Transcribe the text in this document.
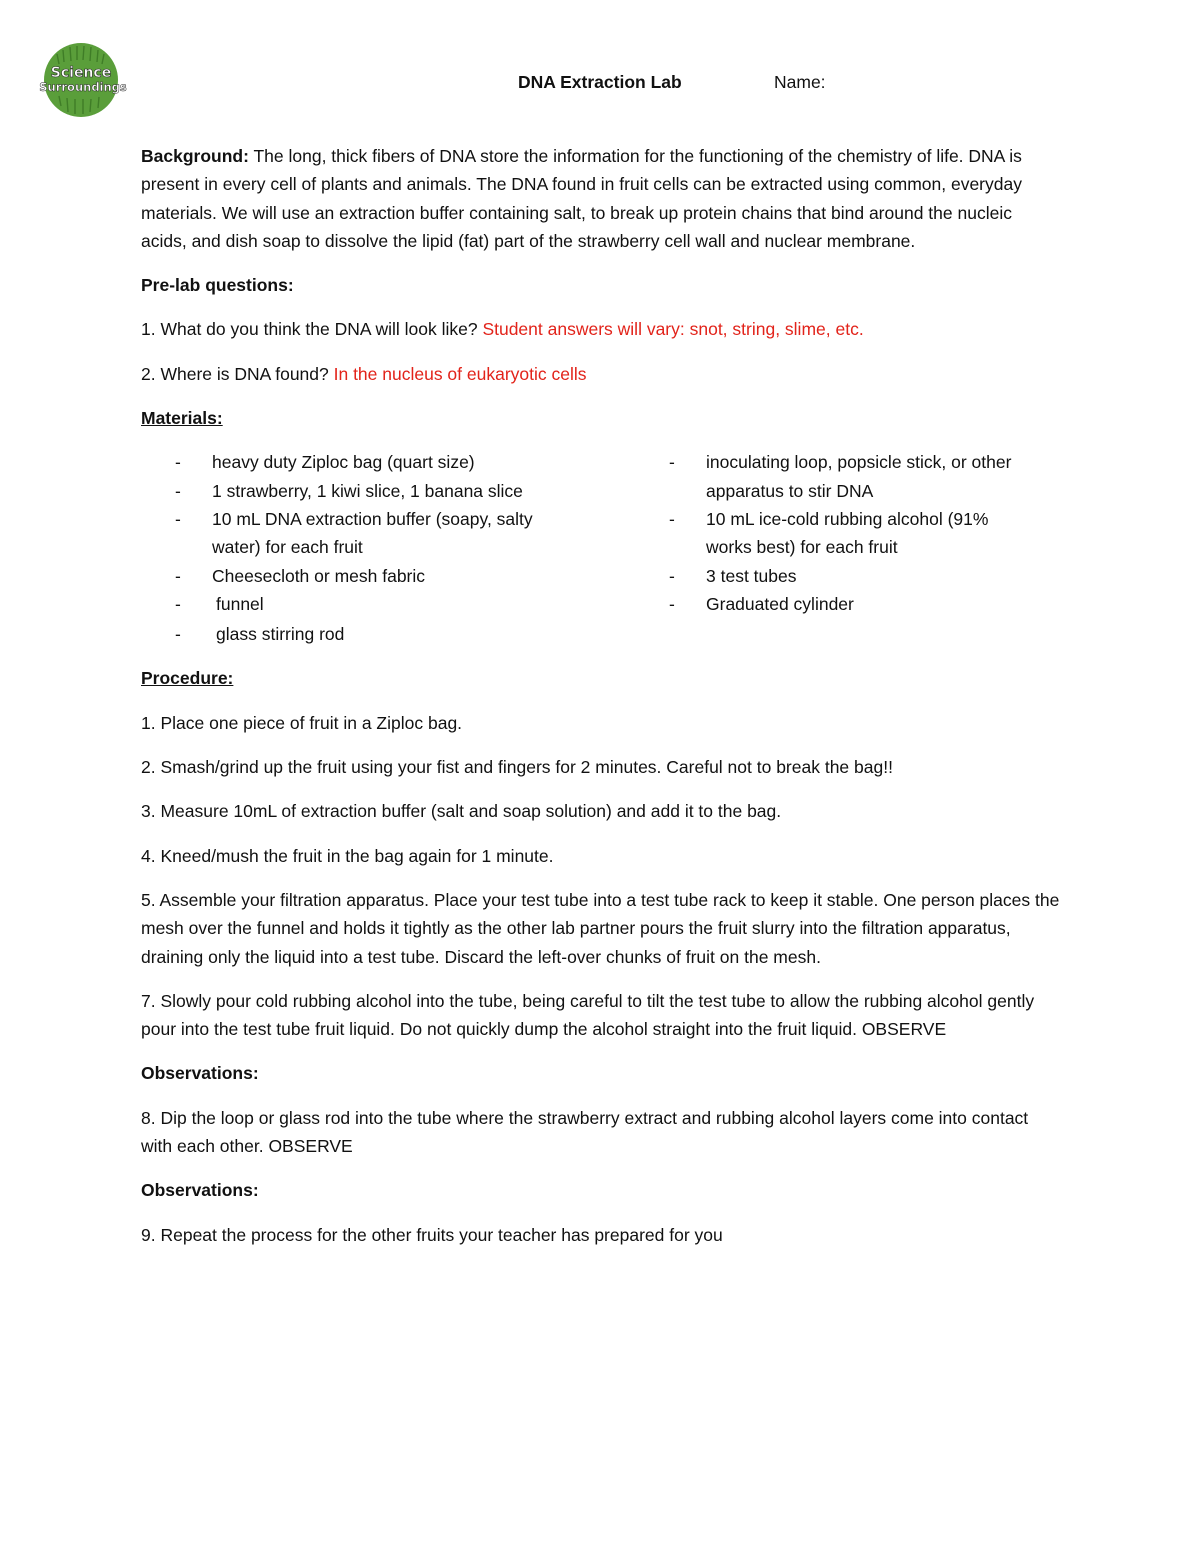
Science
Surroundings	DNA Extraction Lab	Name:

Background: The long, thick fibers of DNA store the information for the functioning of the chemistry of life. DNA is present in every cell of plants and animals. The DNA found in fruit cells can be extracted using common, everyday materials. We will use an extraction buffer containing salt, to break up protein chains that bind around the nucleic acids, and dish soap to dissolve the lipid (fat) part of the strawberry cell wall and nuclear membrane.

Pre-lab questions:

1. What do you think the DNA will look like? Student answers will vary: snot, string, slime, etc.

2. Where is DNA found? In the nucleus of eukaryotic cells

Materials:

- heavy duty Ziploc bag (quart size)
- 1 strawberry, 1 kiwi slice, 1 banana slice
- 10 mL DNA extraction buffer (soapy, salty water) for each fruit
- Cheesecloth or mesh fabric
- funnel
- glass stirring rod
- inoculating loop, popsicle stick, or other apparatus to stir DNA
- 10 mL ice-cold rubbing alcohol (91% works best) for each fruit
- 3 test tubes
- Graduated cylinder

Procedure:

1. Place one piece of fruit in a Ziploc bag.

2. Smash/grind up the fruit using your fist and fingers for 2 minutes. Careful not to break the bag!!

3. Measure 10mL of extraction buffer (salt and soap solution) and add it to the bag.

4. Kneed/mush the fruit in the bag again for 1 minute.

5. Assemble your filtration apparatus. Place your test tube into a test tube rack to keep it stable. One person places the mesh over the funnel and holds it tightly as the other lab partner pours the fruit slurry into the filtration apparatus, draining only the liquid into a test tube. Discard the left-over chunks of fruit on the mesh.

7. Slowly pour cold rubbing alcohol into the tube, being careful to tilt the test tube to allow the rubbing alcohol gently pour into the test tube fruit liquid. Do not quickly dump the alcohol straight into the fruit liquid. OBSERVE

Observations:

8. Dip the loop or glass rod into the tube where the strawberry extract and rubbing alcohol layers come into contact with each other. OBSERVE

Observations:

9. Repeat the process for the other fruits your teacher has prepared for you
